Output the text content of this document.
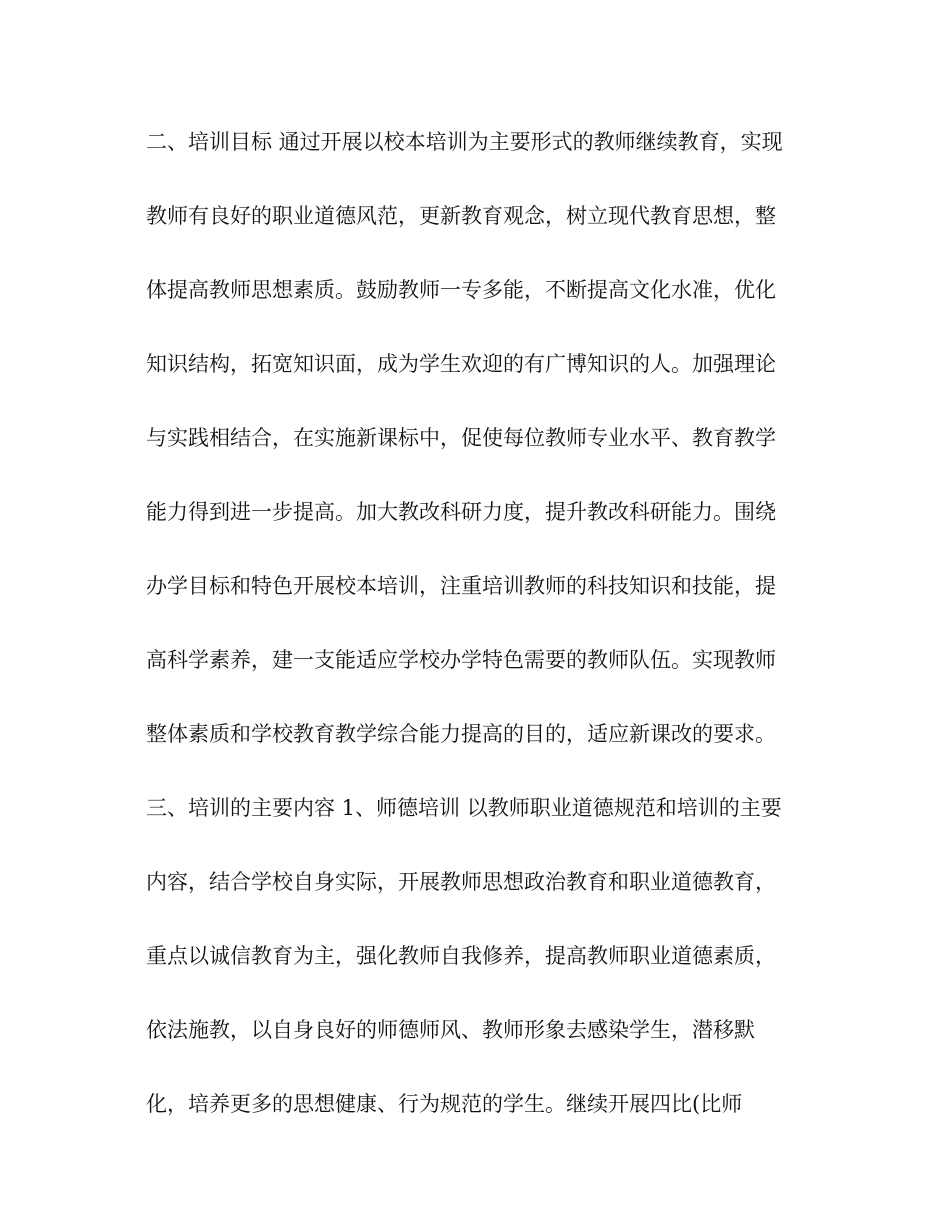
二、培训目标 通过开展以校本培训为主要形式的教师继续教育，实现

教师有良好的职业道德风范，更新教育观念，树立现代教育思想，整

体提高教师思想素质。鼓励教师一专多能，不断提高文化水准，优化

知识结构，拓宽知识面，成为学生欢迎的有广博知识的人。加强理论

与实践相结合，在实施新课标中，促使每位教师专业水平、教育教学

能力得到进一步提高。加大教改科研力度，提升教改科研能力。围绕

办学目标和特色开展校本培训，注重培训教师的科技知识和技能，提

高科学素养，建一支能适应学校办学特色需要的教师队伍。实现教师

整体素质和学校教育教学综合能力提高的目的，适应新课改的要求。

三、培训的主要内容 1、师德培训 以教师职业道德规范和培训的主要

内容，结合学校自身实际，开展教师思想政治教育和职业道德教育，

重点以诚信教育为主，强化教师自我修养，提高教师职业道德素质，

依法施教，以自身良好的师德师风、教师形象去感染学生，潜移默

化，培养更多的思想健康、行为规范的学生。继续开展四比(比师
